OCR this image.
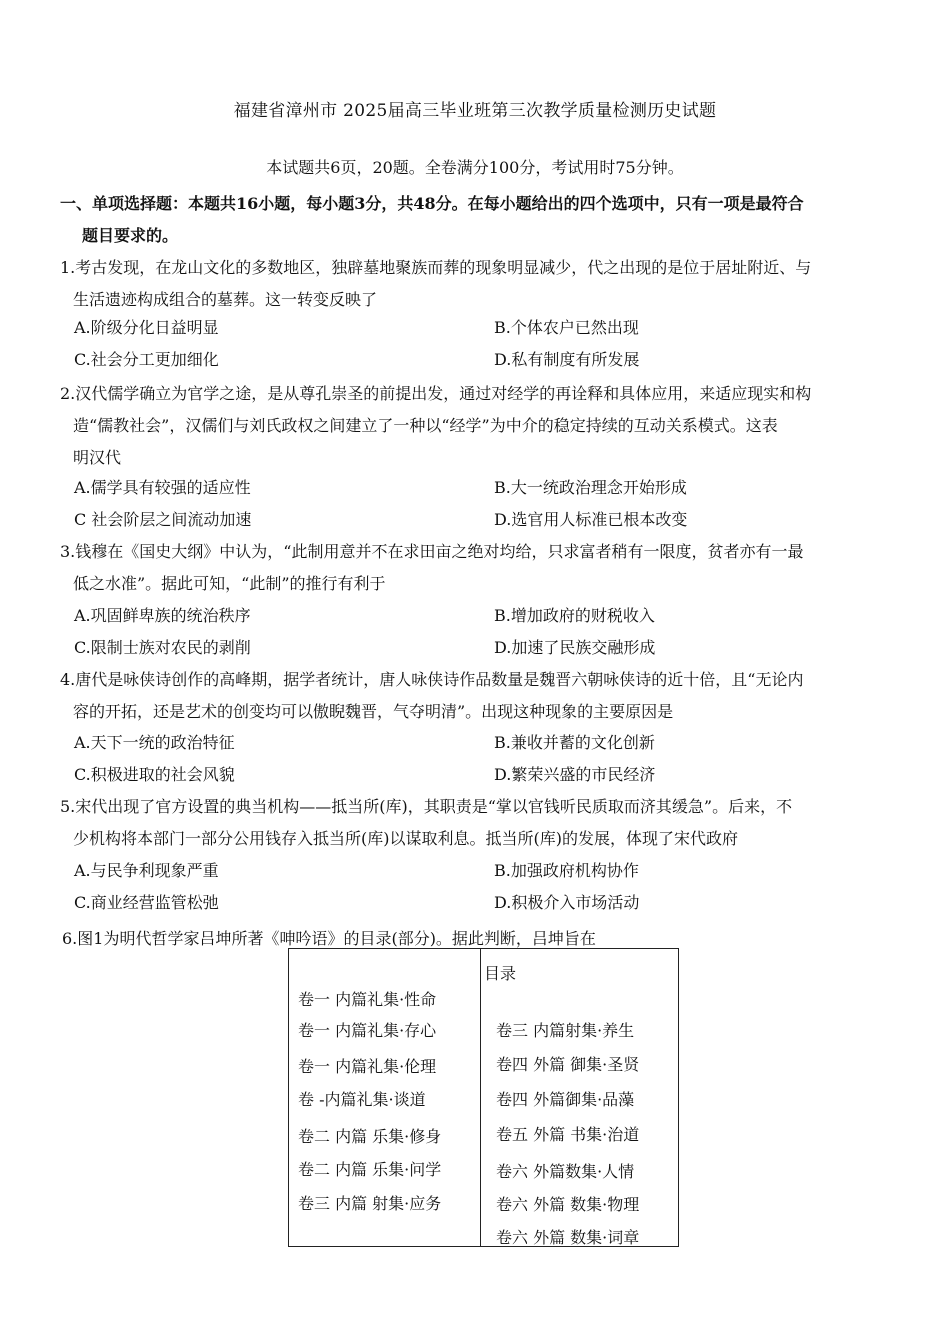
福建省漳州市 2025届高三毕业班第三次教学质量检测历史试题
本试题共6页，20题。全卷满分100分，考试用时75分钟。
一、单项选择题：本题共16小题，每小题3分，共48分。在每小题给出的四个选项中，只有一项是最符合
题目要求的。
1.考古发现，在龙山文化的多数地区，独辟墓地聚族而葬的现象明显减少，代之出现的是位于居址附近、与
生活遗迹构成组合的墓葬。这一转变反映了
A.阶级分化日益明显	B.个体农户已然出现
C.社会分工更加细化	D.私有制度有所发展
2.汉代儒学确立为官学之途，是从尊孔崇圣的前提出发，通过对经学的再诠释和具体应用，来适应现实和构
造“儒教社会”，汉儒们与刘氏政权之间建立了一种以“经学”为中介的稳定持续的互动关系模式。这表
明汉代
A.儒学具有较强的适应性	B.大一统政治理念开始形成
C 社会阶层之间流动加速	D.选官用人标准已根本改变
3.钱穆在《国史大纲》中认为，“此制用意并不在求田亩之绝对均给，只求富者稍有一限度，贫者亦有一最
低之水准”。据此可知，“此制”的推行有利于
A.巩固鲜卑族的统治秩序	B.增加政府的财税收入
C.限制士族对农民的剥削	D.加速了民族交融形成
4.唐代是咏侠诗创作的高峰期，据学者统计，唐人咏侠诗作品数量是魏晋六朝咏侠诗的近十倍，且“无论内
容的开拓，还是艺术的创变均可以傲睨魏晋，气夺明清”。出现这种现象的主要原因是
A.天下一统的政治特征	B.兼收并蓄的文化创新
C.积极进取的社会风貌	D.繁荣兴盛的市民经济
5.宋代出现了官方设置的典当机构——抵当所(库)，其职责是“掌以官钱听民质取而济其缓急”。后来，不
少机构将本部门一部分公用钱存入抵当所(库)以谋取利息。抵当所(库)的发展，体现了宋代政府
A.与民争利现象严重	B.加强政府机构协作
C.商业经营监管松弛	D.积极介入市场活动
6.图1为明代哲学家吕坤所著《呻吟语》的目录(部分)。据此判断，吕坤旨在
目录
卷一 内篇礼集·性命
卷一 内篇礼集·存心
卷一 内篇礼集·伦理
卷 -内篇礼集·谈道
卷二 内篇 乐集·修身
卷二 内篇 乐集·问学
卷三 内篇 射集·应务
卷三 内篇射集·养生
卷四 外篇 御集·圣贤
卷四 外篇御集·品藻
卷五 外篇 书集·治道
卷六 外篇数集·人情
卷六 外篇 数集·物理
卷六 外篇 数集·词章
